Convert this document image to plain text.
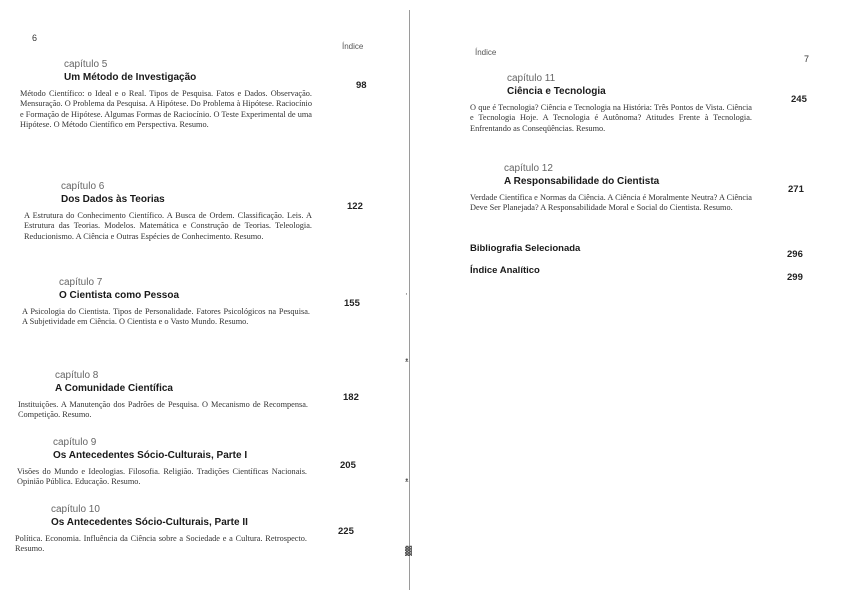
·
ᵜ
ᵜ
▓
6
Índice
capítulo 5
Um Método de Investigação
Método Científico: o Ideal e o Real. Tipos de Pesquisa. Fatos e Dados. Observação. Mensuração. O Problema da Pesquisa. A Hipótese. Do Problema à Hipótese. Raciocínio e Formação de Hipótese. Algumas Formas de Raciocínio. O Teste Experimental de uma Hipótese. O Método Científico em Perspectiva. Resumo.
98
capítulo 6
Dos Dados às Teorias
A Estrutura do Conhecimento Científico. A Busca de Ordem. Classificação. Leis. A Estrutura das Teorias. Modelos. Matemática e Construção de Teorias. Teleologia. Reducionismo. A Ciência e Outras Espécies de Conhecimento. Resumo.
122
capítulo 7
O Cientista como Pessoa
A Psicologia do Cientista. Tipos de Personalidade. Fatores Psicológicos na Pesquisa. A Subjetividade em Ciência. O Cientista e o Vasto Mundo. Resumo.
155
capítulo 8
A Comunidade Científica
Instituições. A Manutenção dos Padrões de Pesquisa. O Mecanismo de Recompensa. Competição. Resumo.
182
capítulo 9
Os Antecedentes Sócio-Culturais, Parte I
Visões do Mundo e Ideologias. Filosofia. Religião. Tradições Científicas Nacionais. Opinião Pública. Educação. Resumo.
205
capítulo 10
Os Antecedentes Sócio-Culturais, Parte II
Política. Economia. Influência da Ciência sobre a Sociedade e a Cultura. Retrospecto. Resumo.
225
Índice
7
capítulo 11
Ciência e Tecnologia
O que é Tecnologia? Ciência e Tecnologia na História: Três Pontos de Vista. Ciência e Tecnologia Hoje. A Tecnologia é Autônoma? Atitudes Frente à Tecnologia. Enfrentando as Conseqüências. Resumo.
245
capítulo 12
A Responsabilidade do Cientista
Verdade Científica e Normas da Ciência. A Ciência é Moralmente Neutra? A Ciência Deve Ser Planejada? A Responsabilidade Moral e Social do Cientista. Resumo.
271
Bibliografia Selecionada
296
Índice Analítico
299
